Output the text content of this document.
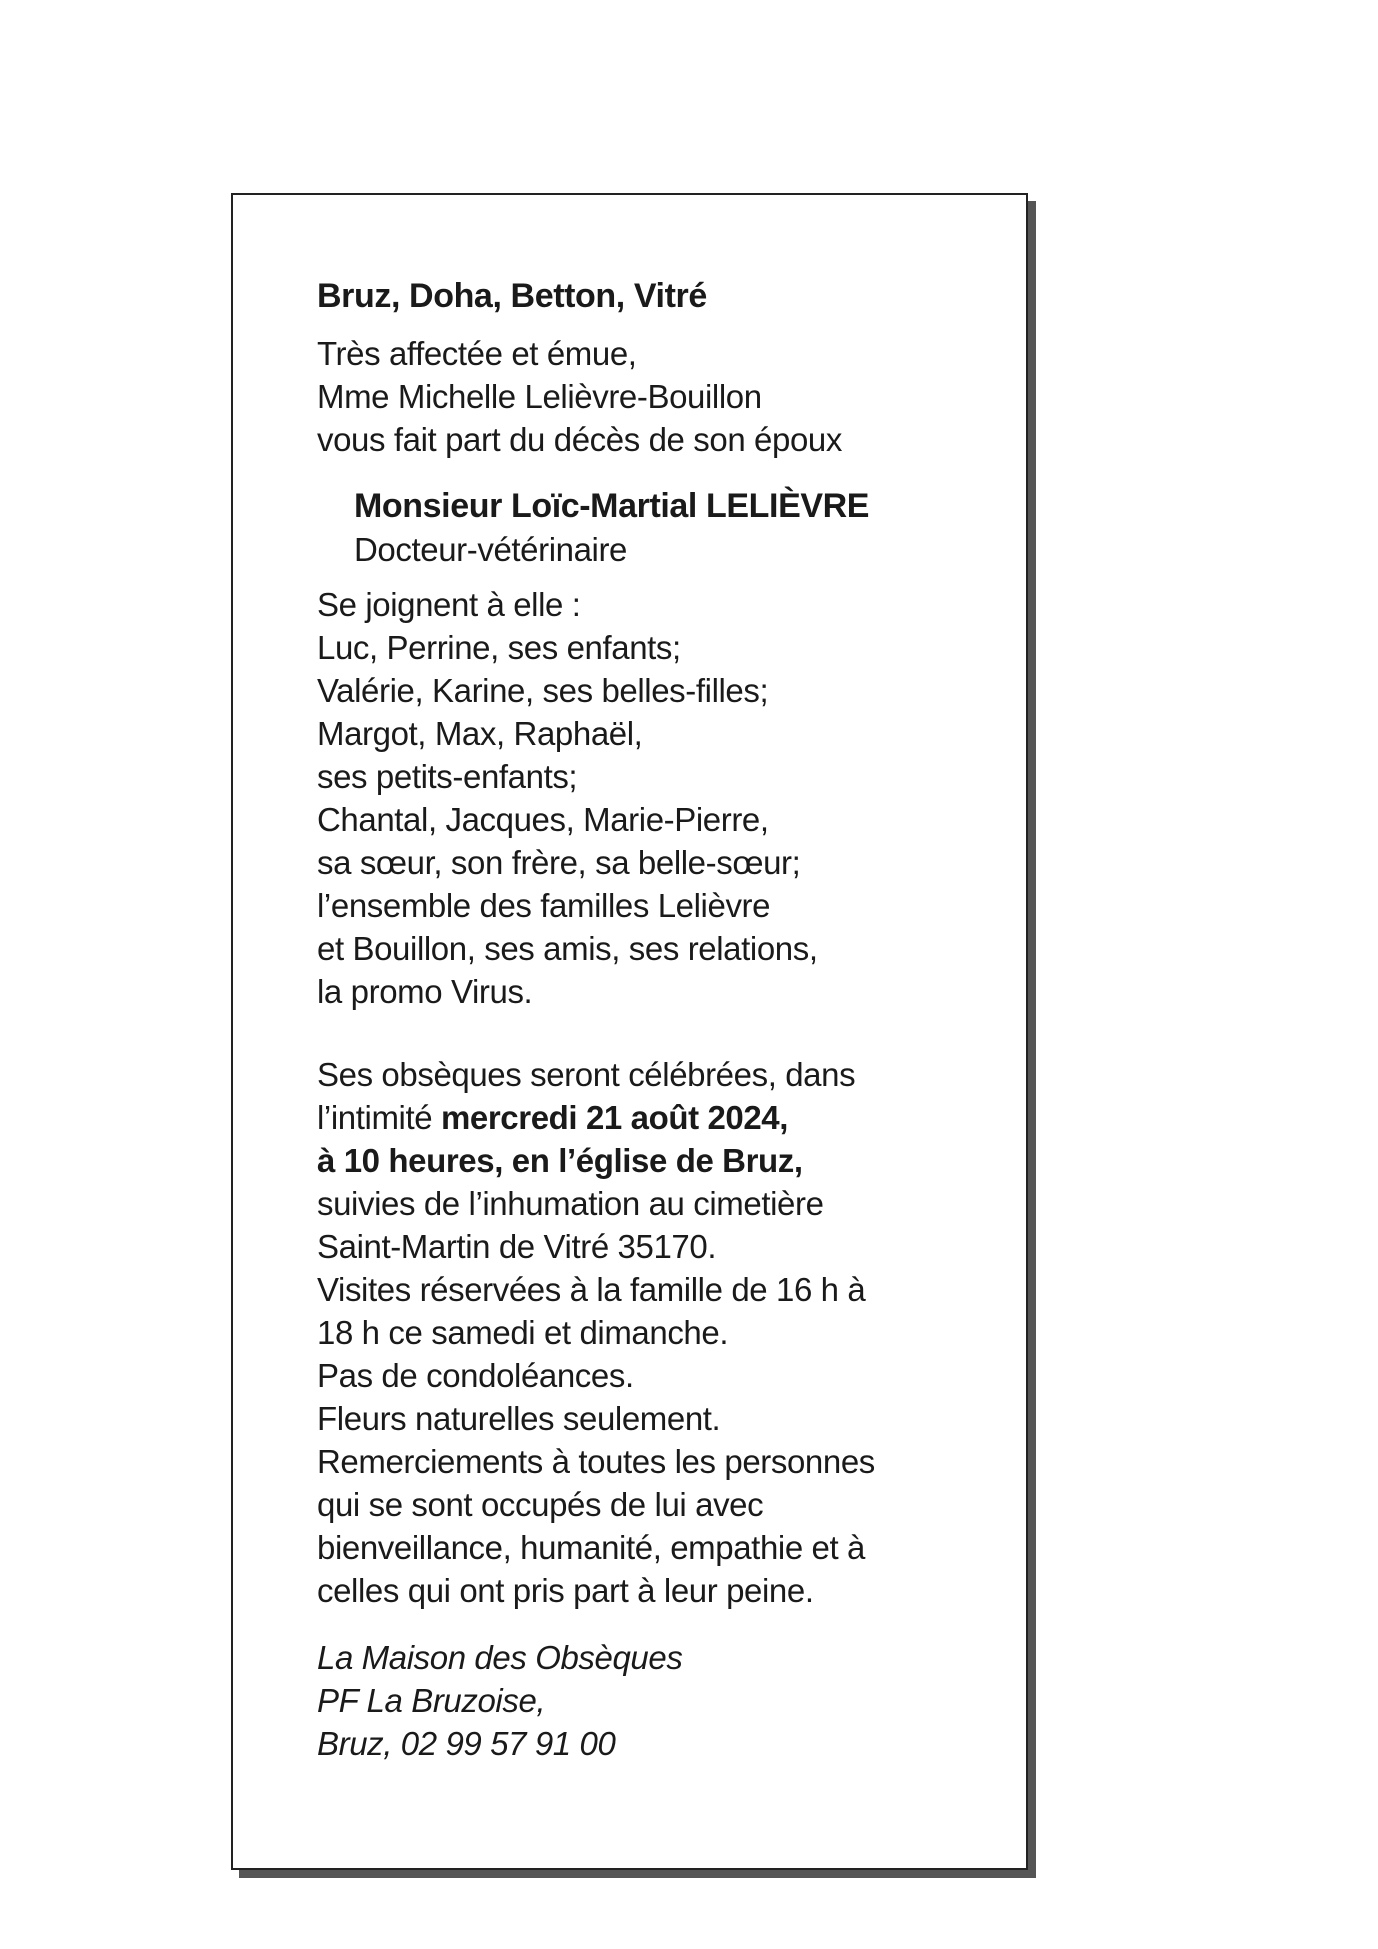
Bruz, Doha, Betton, Vitré
Très affectée et émue,
Mme Michelle Lelièvre-Bouillon
vous fait part du décès de son époux
Monsieur Loïc-Martial LELIÈVRE
Docteur-vétérinaire
Se joignent à elle :
Luc, Perrine, ses enfants;
Valérie, Karine, ses belles-filles;
Margot, Max, Raphaël,
ses petits-enfants;
Chantal, Jacques, Marie-Pierre,
sa sœur, son frère, sa belle-sœur;
l’ensemble des familles Lelièvre
et Bouillon, ses amis, ses relations,
la promo Virus.
Ses obsèques seront célébrées, dans
l’intimité mercredi 21 août 2024,
à 10 heures, en l’église de Bruz,
suivies de l’inhumation au cimetière
Saint-Martin de Vitré 35170.
Visites réservées à la famille de 16 h à
18 h ce samedi et dimanche.
Pas de condoléances.
Fleurs naturelles seulement.
Remerciements à toutes les personnes
qui se sont occupés de lui avec
bienveillance, humanité, empathie et à
celles qui ont pris part à leur peine.
La Maison des Obsèques
PF La Bruzoise,
Bruz, 02 99 57 91 00
